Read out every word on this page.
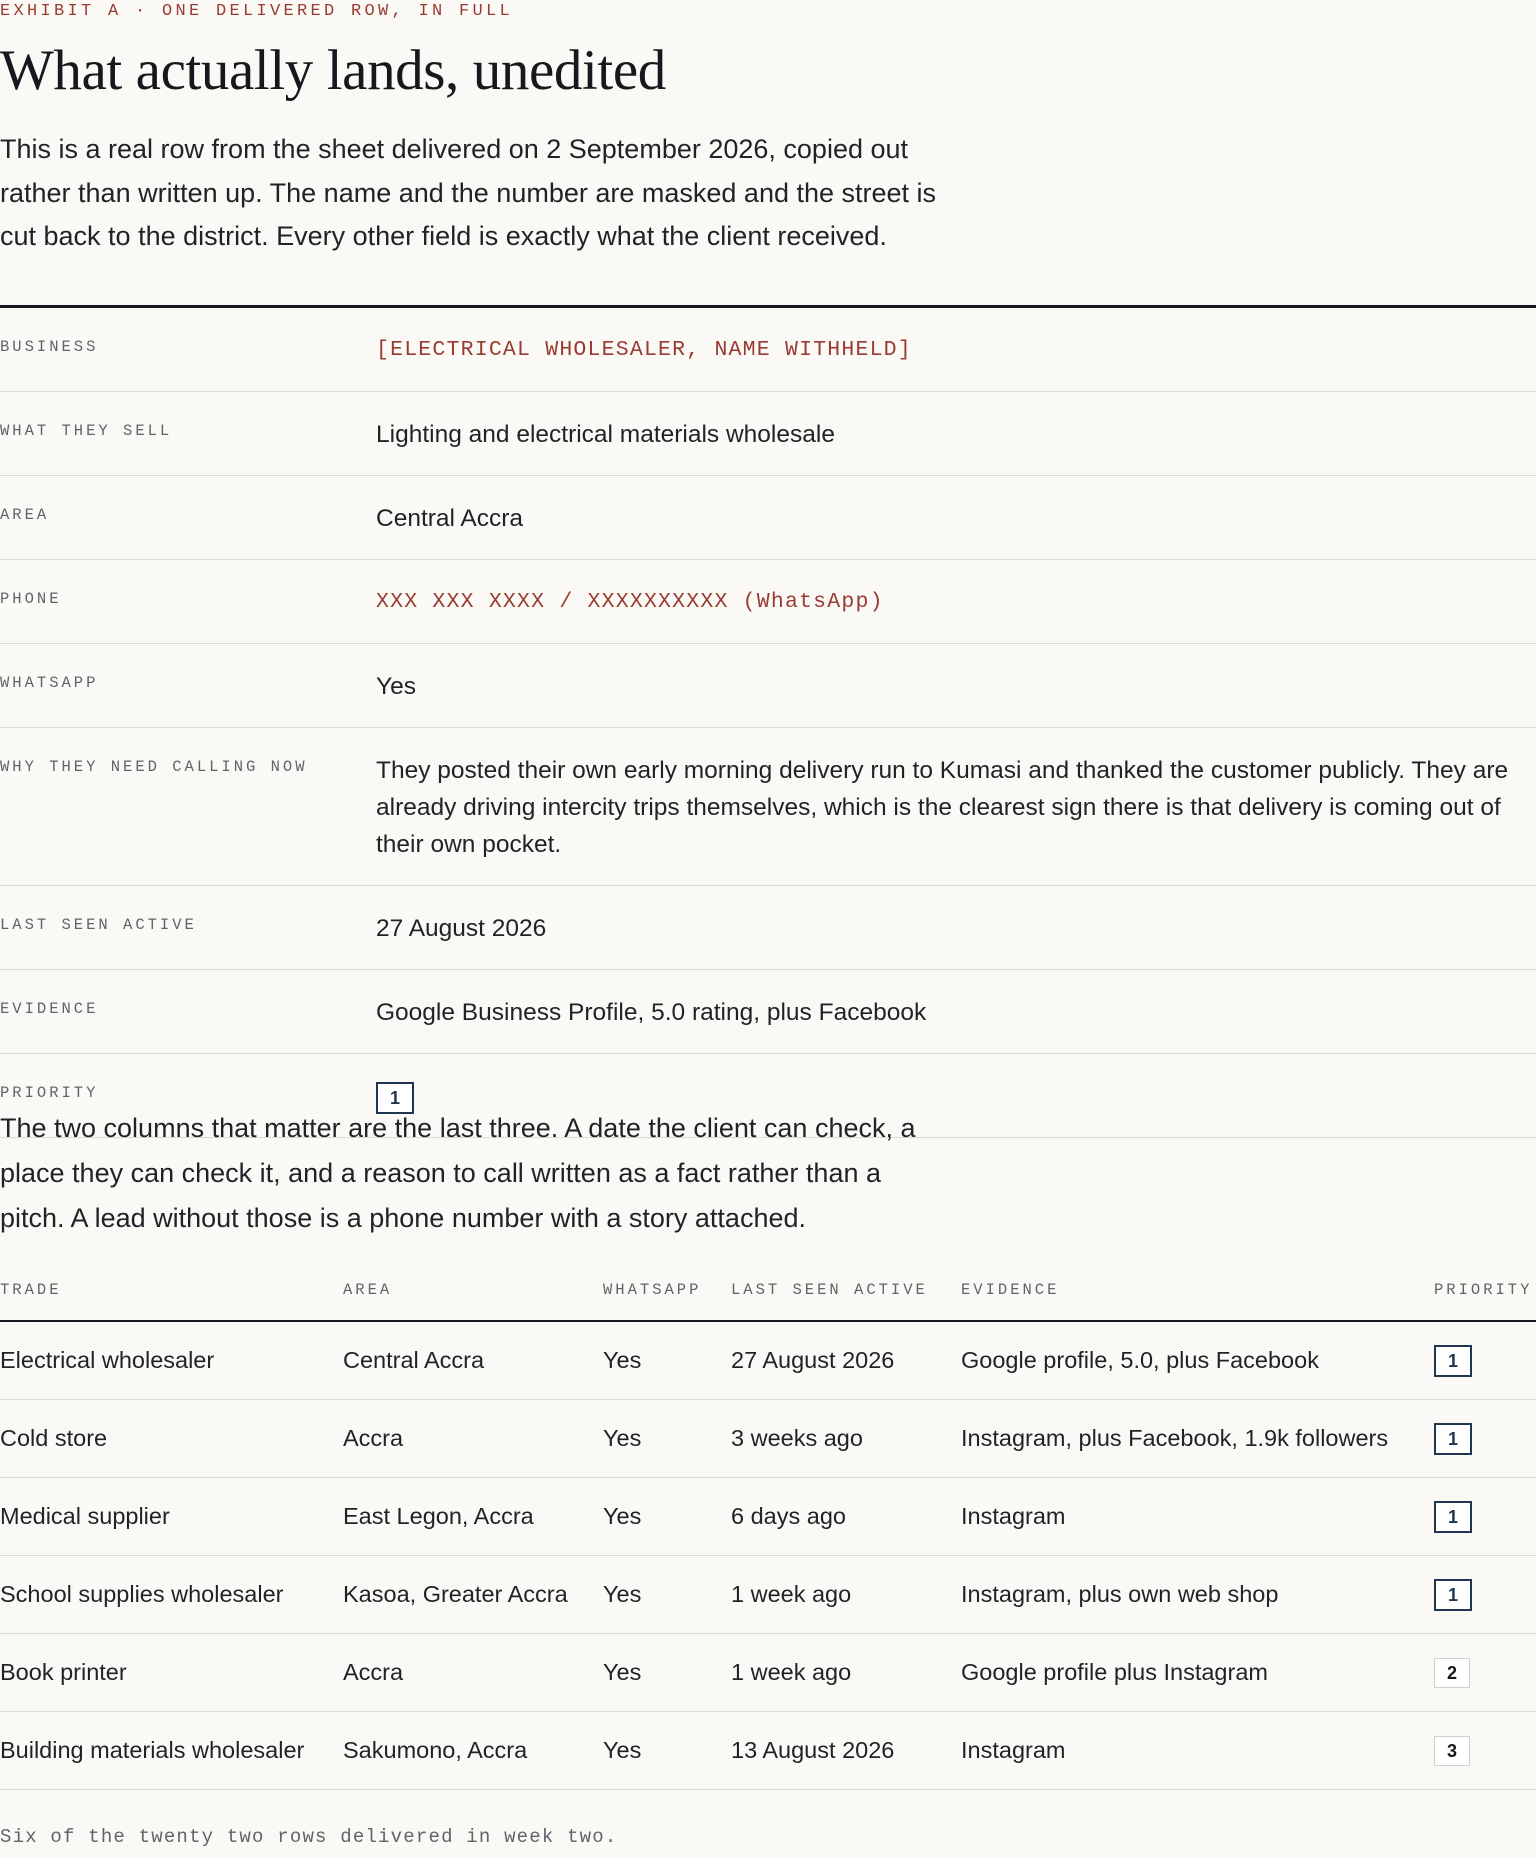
EXHIBIT A · ONE DELIVERED ROW, IN FULL
What actually lands, unedited

This is a real row from the sheet delivered on 2 September 2026, copied out rather than written up. The name and the number are masked and the street is cut back to the district. Every other field is exactly what the client received.

BUSINESS	[ELECTRICAL WHOLESALER, NAME WITHHELD]
WHAT THEY SELL	Lighting and electrical materials wholesale
AREA	Central Accra
PHONE	XXX XXX XXXX / XXXXXXXXXX (WhatsApp)
WHATSAPP	Yes
WHY THEY NEED CALLING NOW	They posted their own early morning delivery run to Kumasi and thanked the customer publicly. They are already driving intercity trips themselves, which is the clearest sign there is that delivery is coming out of their own pocket.
LAST SEEN ACTIVE	27 August 2026
EVIDENCE	Google Business Profile, 5.0 rating, plus Facebook
PRIORITY	1

The two columns that matter are the last three. A date the client can check, a place they can check it, and a reason to call written as a fact rather than a pitch. A lead without those is a phone number with a story attached.

TRADE	AREA	WHATSAPP	LAST SEEN ACTIVE	EVIDENCE	PRIORITY
Electrical wholesaler	Central Accra	Yes	27 August 2026	Google profile, 5.0, plus Facebook	1
Cold store	Accra	Yes	3 weeks ago	Instagram, plus Facebook, 1.9k followers	1
Medical supplier	East Legon, Accra	Yes	6 days ago	Instagram	1
School supplies wholesaler	Kasoa, Greater Accra	Yes	1 week ago	Instagram, plus own web shop	1
Book printer	Accra	Yes	1 week ago	Google profile plus Instagram	2
Building materials wholesaler	Sakumono, Accra	Yes	13 August 2026	Instagram	3
Six of the twenty two rows delivered in week two.
